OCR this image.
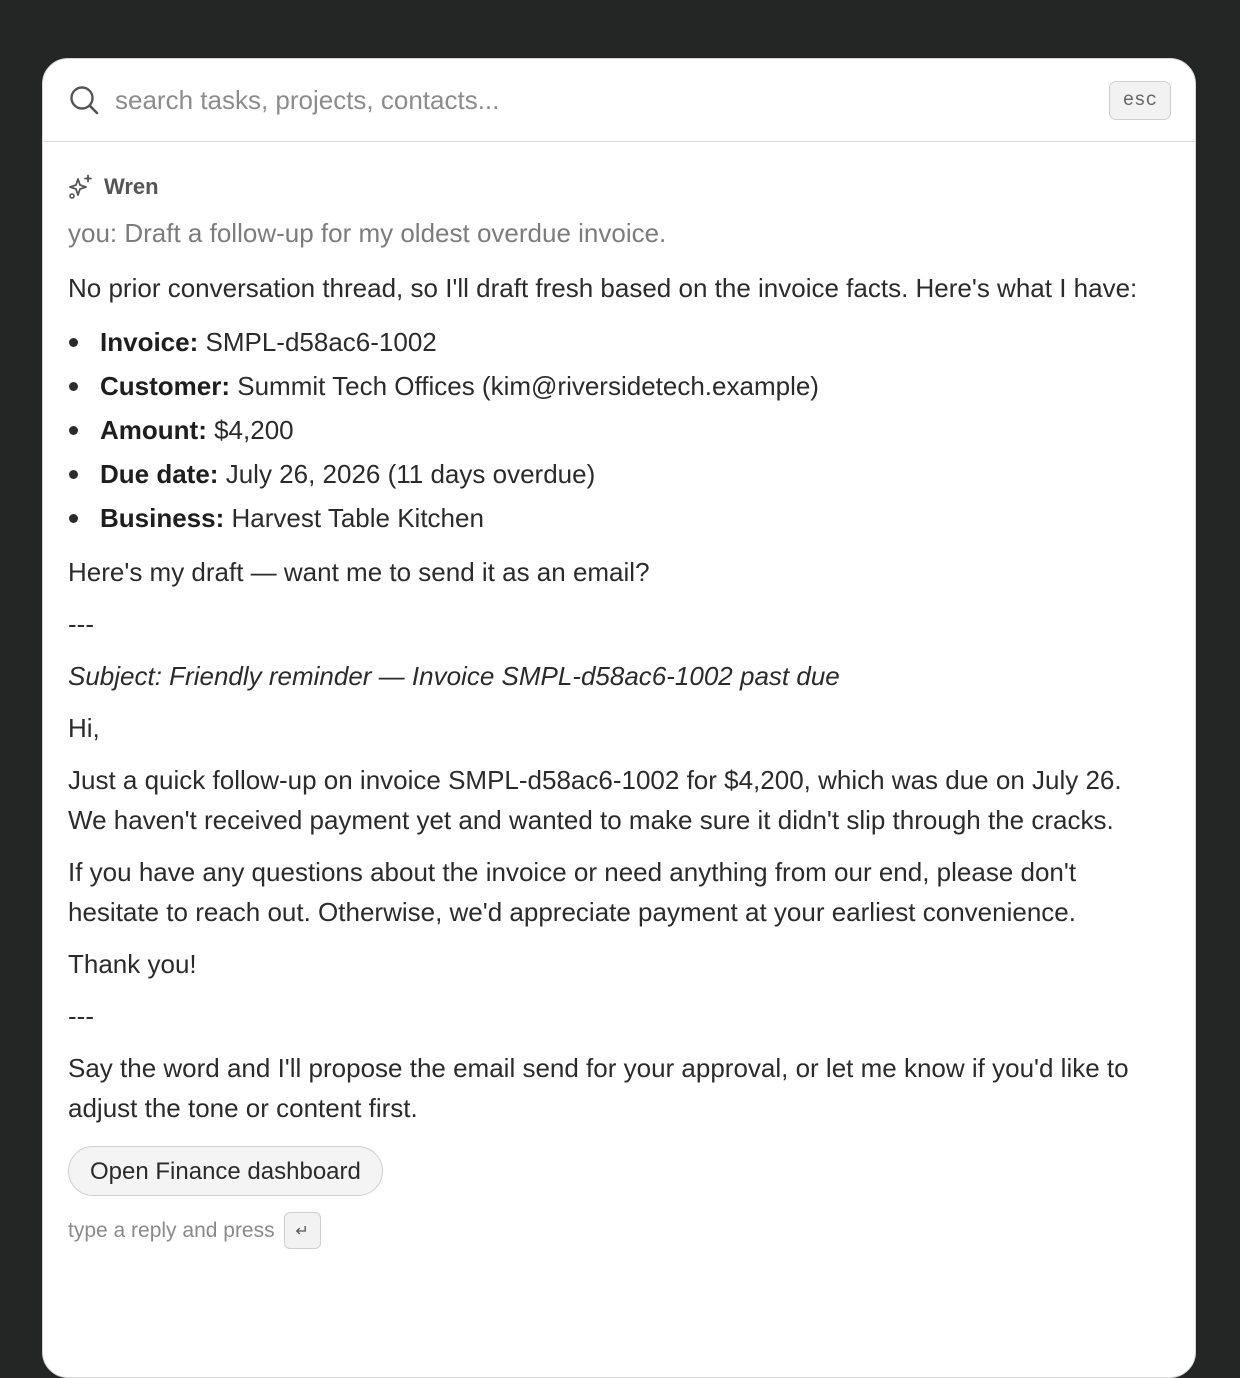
search tasks, projects, contacts...
esc
Wren
you: Draft a follow-up for my oldest overdue invoice.

No prior conversation thread, so I'll draft fresh based on the invoice facts. Here's what I have:

Invoice: SMPL-d58ac6-1002
Customer: Summit Tech Offices (kim@riversidetech.example)
Amount: $4,200
Due date: July 26, 2026 (11 days overdue)
Business: Harvest Table Kitchen

Here's my draft — want me to send it as an email?

---

Subject: Friendly reminder — Invoice SMPL-d58ac6-1002 past due

Hi,

Just a quick follow-up on invoice SMPL-d58ac6-1002 for $4,200, which was due on July 26. We haven't received payment yet and wanted to make sure it didn't slip through the cracks.

If you have any questions about the invoice or need anything from our end, please don't hesitate to reach out. Otherwise, we'd appreciate payment at your earliest convenience.

Thank you!

---

Say the word and I'll propose the email send for your approval, or let me know if you'd like to adjust the tone or content first.

Open Finance dashboard
type a reply and press	↵
